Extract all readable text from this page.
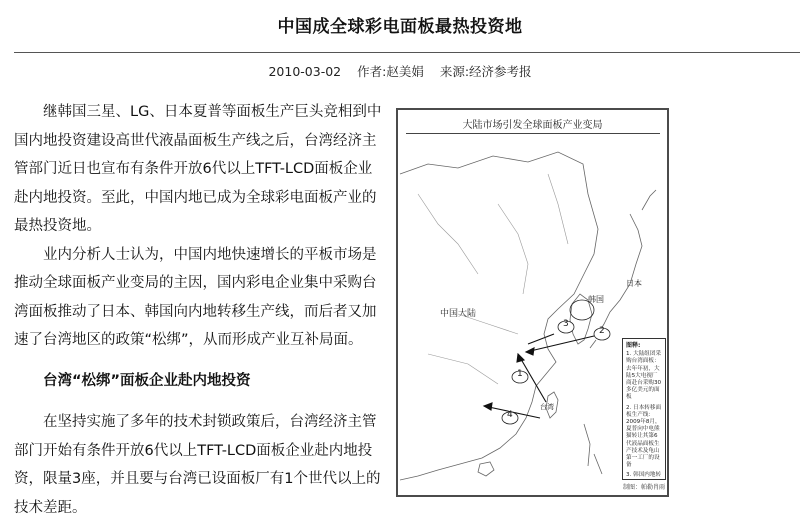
中国成全球彩电面板最热投资地
2010-03-02 作者:赵美娟 来源:经济参考报

继韩国三星、LG、日本夏普等面板生产巨头竞相到中国内地投资建设高世代液晶面板生产线之后，台湾经济主管部门近日也宣布有条件开放6代以上TFT-LCD面板企业赴内地投资。至此，中国内地已成为全球彩电面板产业的最热投资地。

业内分析人士认为，中国内地快速增长的平板市场是推动全球面板产业变局的主因，国内彩电企业集中采购台湾面板推动了日本、韩国向内地转移生产线，而后者又加速了台湾地区的政策“松绑”，从而形成产业互补局面。

台湾“松绑”面板企业赴内地投资

在坚持实施了多年的技术封锁政策后，台湾经济主管部门开始有条件开放6代以上TFT-LCD面板企业赴内地投资，限量3座，并且要与台湾已设面板厂有1个世代以上的技术差距。

大陆市场引发全球面板产业变局
中国大陆
韩国
日本
台湾
1
2
3
4
图释:
1. 大陆组团采购台湾面板：去年年初，大陆5大电视厂商赴台采购30多亿美元的面板
2. 日本转移面板生产线：2009年8月，夏普向中电熊猫转让其第6代液晶面板生产技术及龟山第一工厂的设备
3. 韩国内地转
制图：帕勒肖雨
